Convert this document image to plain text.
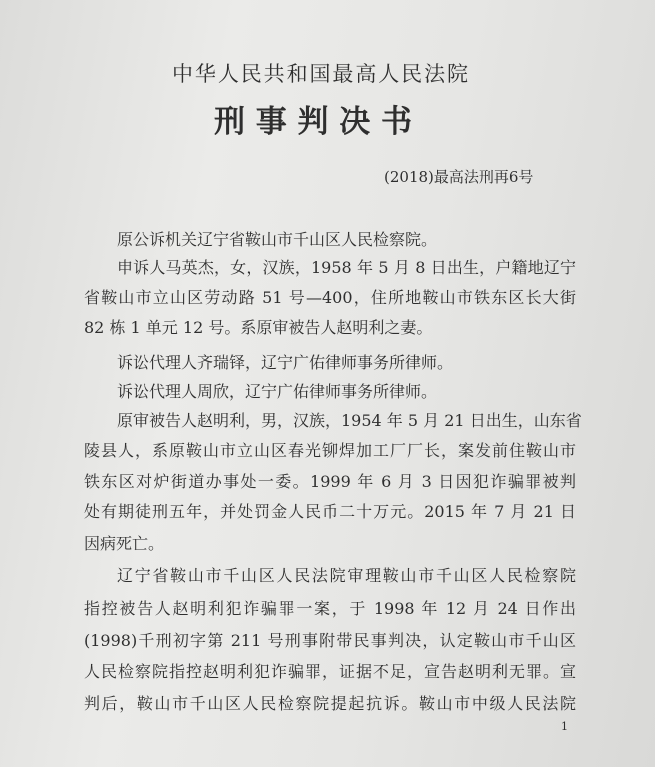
中华人民共和国最高人民法院
刑事判决书
(2018)最高法刑再6号
原公诉机关辽宁省鞍山市千山区人民检察院。
申诉人马英杰，女，汉族，1958 年 5 月 8 日出生，户籍地辽宁
省鞍山市立山区劳动路 51 号—400，住所地鞍山市铁东区长大街
82 栋 1 单元 12 号。系原审被告人赵明利之妻。
诉讼代理人齐瑞铎，辽宁广佑律师事务所律师。
诉讼代理人周欣，辽宁广佑律师事务所律师。
原审被告人赵明利，男，汉族，1954 年 5 月 21 日出生，山东省
陵县人，系原鞍山市立山区春光铆焊加工厂厂长，案发前住鞍山市
铁东区对炉街道办事处一委。1999 年 6 月 3 日因犯诈骗罪被判
处有期徒刑五年，并处罚金人民币二十万元。2015 年 7 月 21 日
因病死亡。
辽宁省鞍山市千山区人民法院审理鞍山市千山区人民检察院
指控被告人赵明利犯诈骗罪一案，于 1998 年 12 月 24 日作出
(1998)千刑初字第 211 号刑事附带民事判决，认定鞍山市千山区
人民检察院指控赵明利犯诈骗罪，证据不足，宣告赵明利无罪。宣
判后，鞍山市千山区人民检察院提起抗诉。鞍山市中级人民法院
1
